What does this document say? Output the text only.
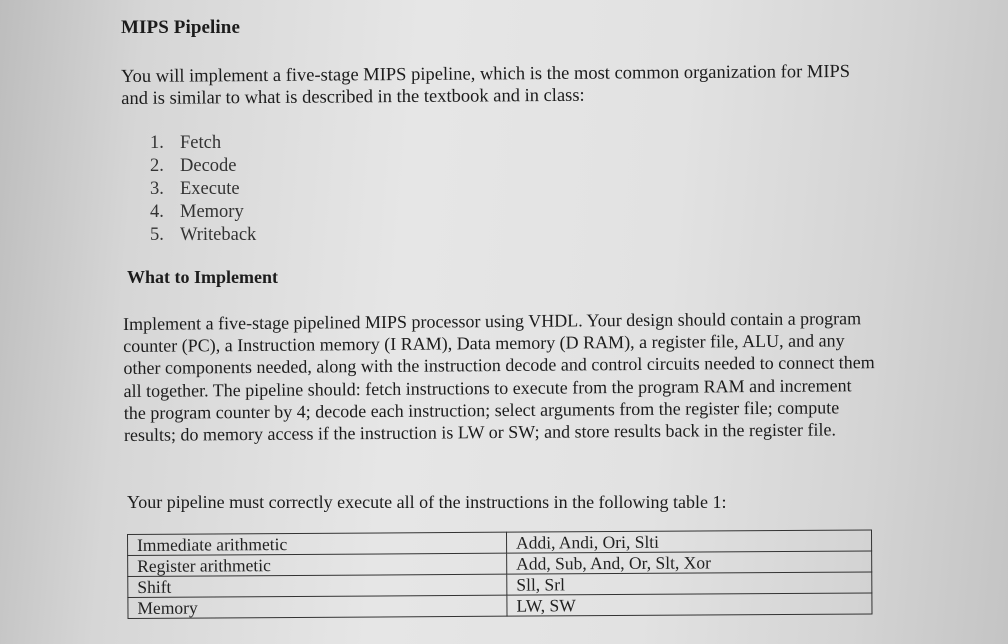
MIPS Pipeline
You will implement a five-stage MIPS pipeline, which is the most common organization for MIPS and is similar to what is described in the textbook and in class:
1. Fetch
2. Decode
3. Execute
4. Memory
5. Writeback
What to Implement
Implement a five-stage pipelined MIPS processor using VHDL. Your design should contain a program counter (PC), a Instruction memory (I RAM), Data memory (D RAM), a register file, ALU, and any other components needed, along with the instruction decode and control circuits needed to connect them all together. The pipeline should: fetch instructions to execute from the program RAM and increment the program counter by 4; decode each instruction; select arguments from the register file; compute results; do memory access if the instruction is LW or SW; and store results back in the register file.
Your pipeline must correctly execute all of the instructions in the following table 1:
Immediate arithmetic	Addi, Andi, Ori, Slti
Register arithmetic	Add, Sub, And, Or, Slt, Xor
Shift	Sll, Srl
Memory	LW, SW
